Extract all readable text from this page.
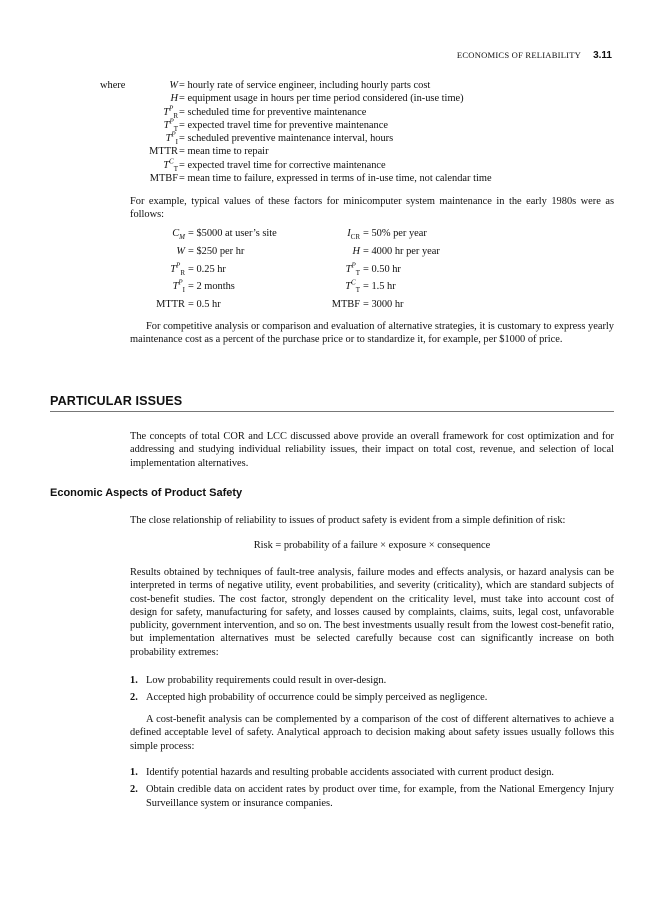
ECONOMICS OF RELIABILITY 3.11
where	W = hourly rate of service engineer, including hourly parts cost
H = equipment usage in hours per time period considered (in-use time)
$T^P_R$ = scheduled time for preventive maintenance
$T^P_T$ = expected travel time for preventive maintenance
$T^P_I$ = scheduled preventive maintenance interval, hours
MTTR = mean time to repair
$T^C_T$ = expected travel time for corrective maintenance
MTBF = mean time to failure, expressed in terms of in-use time, not calendar time

For example, typical values of these factors for minicomputer system maintenance in the early 1980s were as follows:

$C_M$ = $5000 at user’s site	$I_{CR} = 50\%$ per year
W = $250 per hr	H = 4000 hr per year
$T^P_R = 0.25$ hr	$T^P_T = 0.50$ hr
$T^P_I = 2$ months	$T^C_T = 1.5$ hr
MTTR = 0.5 hr	MTBF = 3000 hr

For competitive analysis or comparison and evaluation of alternative strategies, it is customary to express yearly maintenance cost as a percent of the purchase price or to standardize it, for example, per $1000 of price.

PARTICULAR ISSUES

The concepts of total COR and LCC discussed above provide an overall framework for cost optimization and for addressing and studying individual reliability issues, their impact on total cost, revenue, and selection of local implementation alternatives.

Economic Aspects of Product Safety

The close relationship of reliability to issues of product safety is evident from a simple definition of risk:

Risk = probability of a failure × exposure × consequence

Results obtained by techniques of fault-tree analysis, failure modes and effects analysis, or hazard analysis can be interpreted in terms of negative utility, event probabilities, and severity (criticality), which are standard subjects of cost-benefit studies. The cost factor, strongly dependent on the criticality level, must take into account cost of design for safety, manufacturing for safety, and losses caused by complaints, claims, suits, legal cost, unfavorable publicity, government intervention, and so on. The best investments usually result from the lowest cost-benefit ratio, but implementation alternatives must be selected carefully because cost can significantly increase on both probability extremes:

1. Low probability requirements could result in over-design.
2. Accepted high probability of occurrence could be simply perceived as negligence.

A cost-benefit analysis can be complemented by a comparison of the cost of different alternatives to achieve a defined acceptable level of safety. Analytical approach to decision making about safety issues usually follows this simple process:

1. Identify potential hazards and resulting probable accidents associated with current product design.
2. Obtain credible data on accident rates by product over time, for example, from the National Emergency Injury Surveillance system or insurance companies.
